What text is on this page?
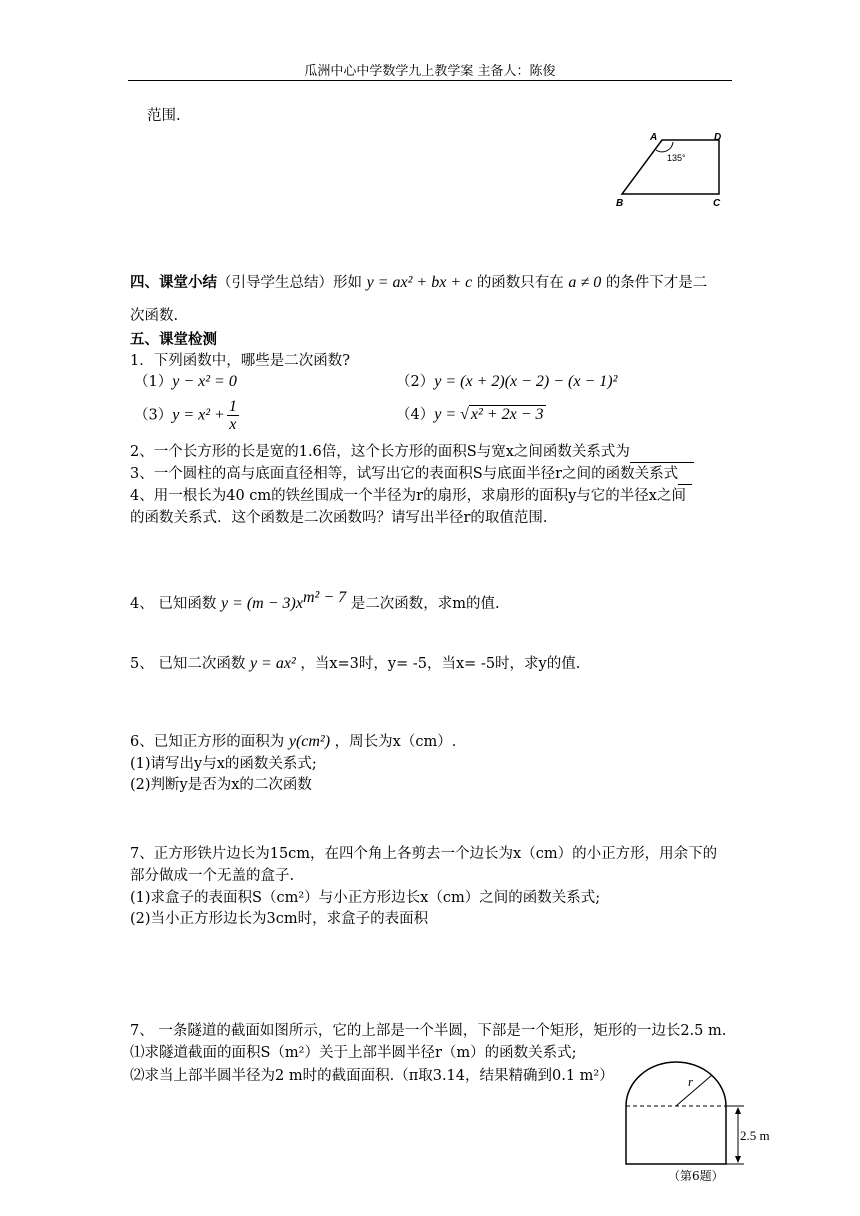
瓜洲中心中学数学九上教学案 主备人：陈俊
范围.
A	D
B	C
135°
四、课堂小结（引导学生总结）形如 y = ax² + bx + c 的函数只有在 a ≠ 0 的条件下才是二
次函数.
五、课堂检测
1．下列函数中，哪些是二次函数?
（1）y − x² = 0	（2）y = (x + 2)(x − 2) − (x − 1)²
$(3)y = x^2 + \frac{1}{x}$	（4）y = √ x² + 2x − 3
2、一个长方形的长是宽的1.6倍，这个长方形的面积S与宽x之间函数关系式为
3、一个圆柱的高与底面直径相等，试写出它的表面积S与底面半径r之间的函数关系式
4、用一根长为40 cm的铁丝围成一个半径为r的扇形，求扇形的面积y与它的半径x之间
的函数关系式．这个函数是二次函数吗？请写出半径r的取值范围.
4、 已知函数 $y = (m - 3)x^{m^2 - 7}$ 是二次函数，求m的值.
5、 已知二次函数 y = ax² ，当x=3时，y= -5，当x= -5时，求y的值.
6、已知正方形的面积为 y(cm²) ，周长为x（cm）.
(1)请写出y与x的函数关系式;
(2)判断y是否为x的二次函数
7、正方形铁片边长为15cm，在四个角上各剪去一个边长为x（cm）的小正方形，用余下的
部分做成一个无盖的盒子.
(1)求盒子的表面积S（cm²）与小正方形边长x（cm）之间的函数关系式;
(2)当小正方形边长为3cm时，求盒子的表面积
7、 一条隧道的截面如图所示，它的上部是一个半圆，下部是一个矩形，矩形的一边长2.5 m.
⑴求隧道截面的面积S（m²）关于上部半圆半径r（m）的函数关系式;
⑵求当上部半圆半径为2 m时的截面面积.（π取3.14，结果精确到0.1 m²）	r
2.5 m
（第6题）
